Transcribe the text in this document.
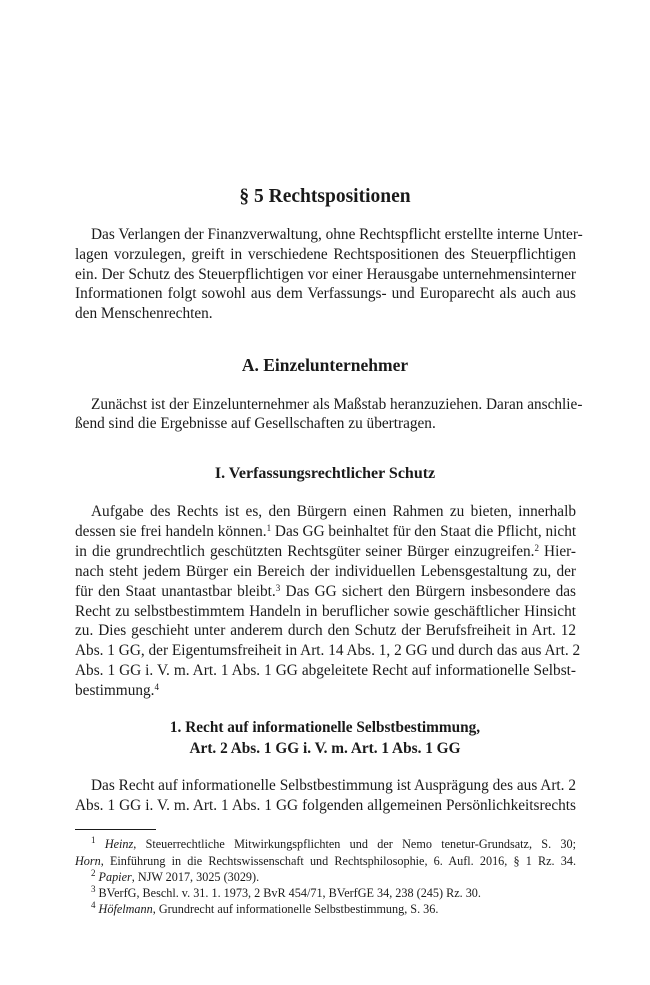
§ 5 Rechtspositionen
Das Verlangen der Finanzverwaltung, ohne Rechtspflicht erstellte interne Unter-
lagen vorzulegen, greift in verschiedene Rechtspositionen des Steuerpflichtigen
ein. Der Schutz des Steuerpflichtigen vor einer Herausgabe unternehmensinterner
Informationen folgt sowohl aus dem Verfassungs- und Europarecht als auch aus
den Menschenrechten.
A. Einzelunternehmer
Zunächst ist der Einzelunternehmer als Maßstab heranzuziehen. Daran anschlie-
ßend sind die Ergebnisse auf Gesellschaften zu übertragen.
I. Verfassungsrechtlicher Schutz
Aufgabe des Rechts ist es, den Bürgern einen Rahmen zu bieten, innerhalb
dessen sie frei handeln können.$^1$ Das GG beinhaltet für den Staat die Pflicht, nicht
in die grundrechtlich geschützten Rechtsgüter seiner Bürger einzugreifen.$^2$ Hier-
nach steht jedem Bürger ein Bereich der individuellen Lebensgestaltung zu, der
für den Staat unantastbar bleibt.$^3$ Das GG sichert den Bürgern insbesondere das
Recht zu selbstbestimmtem Handeln in beruflicher sowie geschäftlicher Hinsicht
zu. Dies geschieht unter anderem durch den Schutz der Berufsfreiheit in Art. 12
Abs. 1 GG, der Eigentumsfreiheit in Art. 14 Abs. 1, 2 GG und durch das aus Art. 2
Abs. 1 GG i. V. m. Art. 1 Abs. 1 GG abgeleitete Recht auf informationelle Selbst-
bestimmung.$^4$
1. Recht auf informationelle Selbstbestimmung,
Art. 2 Abs. 1 GG i. V. m. Art. 1 Abs. 1 GG
Das Recht auf informationelle Selbstbestimmung ist Ausprägung des aus Art. 2
Abs. 1 GG i. V. m. Art. 1 Abs. 1 GG folgenden allgemeinen Persönlichkeitsrechts
$^1$ Heinz, Steuerrechtliche Mitwirkungspflichten und der Nemo tenetur-Grundsatz, S. 30;
Horn, Einführung in die Rechtswissenschaft und Rechtsphilosophie, 6. Aufl. 2016, § 1 Rz. 34.
$^2$ Papier, NJW 2017, 3025 (3029).
$^3$ BVerfG, Beschl. v. 31. 1. 1973, 2 BvR 454/71, BVerfGE 34, 238 (245) Rz. 30.
$^4$ Höfelmann, Grundrecht auf informationelle Selbstbestimmung, S. 36.
